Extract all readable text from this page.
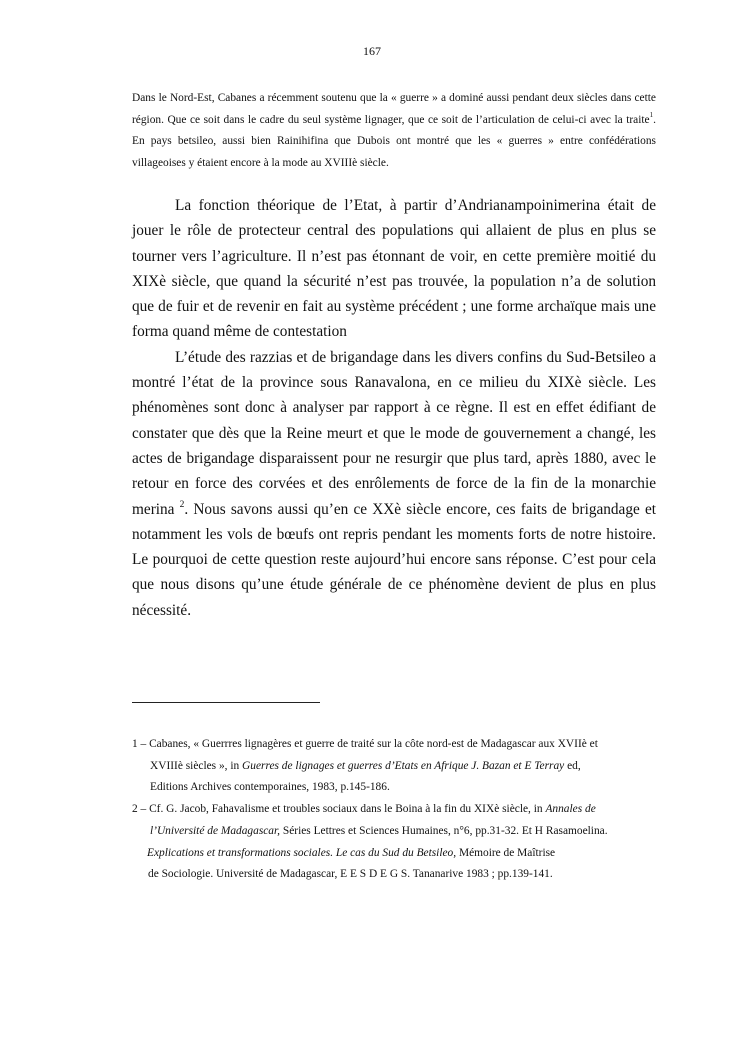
167

Dans le Nord-Est, Cabanes a récemment soutenu que la « guerre » a dominé aussi pendant deux siècles dans cette région. Que ce soit dans le cadre du seul système lignager, que ce soit de l’articulation de celui-ci avec la traite$^1$. En pays betsileo, aussi bien Rainihifina que Dubois ont montré que les « guerres » entre confédérations villageoises y étaient encore à la mode au XVIIIè siècle.

La fonction théorique de l’Etat, à partir d’Andrianampoinimerina était de jouer le rôle de protecteur central des populations qui allaient de plus en plus se tourner vers l’agriculture. Il n’est pas étonnant de voir, en cette première moitié du XIXè siècle, que quand la sécurité n’est pas trouvée, la population n’a de solution que de fuir et de revenir en fait au système précédent ; une forme archaïque mais une forma quand même de contestation

L’étude des razzias et de brigandage dans les divers confins du Sud-Betsileo a montré l’état de la province sous Ranavalona, en ce milieu du XIXè siècle. Les phénomènes sont donc à analyser par rapport à ce règne. Il est en effet édifiant de constater que dès que la Reine meurt et que le mode de gouvernement a changé, les actes de brigandage disparaissent pour ne resurgir que plus tard, après 1880, avec le retour en force des corvées et des enrôlements de force de la fin de la monarchie merina $^2$. Nous savons aussi qu’en ce XXè siècle encore, ces faits de brigandage et notamment les vols de bœufs ont repris pendant les moments forts de notre histoire. Le pourquoi de cette question reste aujourd’hui encore sans réponse. C’est pour cela que nous disons qu’une étude générale de ce phénomène devient de plus en plus nécessité.

1 – Cabanes, « Guerrres lignagères et guerre de traité sur la côte nord-est de Madagascar aux XVIIè et
XVIIIè siècles », in Guerres de lignages et guerres d’Etats en Afrique J. Bazan et E Terray ed,
Editions Archives contemporaines, 1983, p.145-186.
2 – Cf. G. Jacob, Fahavalisme et troubles sociaux dans le Boina à la fin du XIXè siècle, in Annales de
l’Université de Madagascar, Séries Lettres et Sciences Humaines, n°6, pp.31-32. Et H Rasamoelina.
Explications et transformations sociales. Le cas du Sud du Betsileo, Mémoire de Maîtrise
de Sociologie. Université de Madagascar, E E S D E G S. Tananarive 1983 ; pp.139-141.
